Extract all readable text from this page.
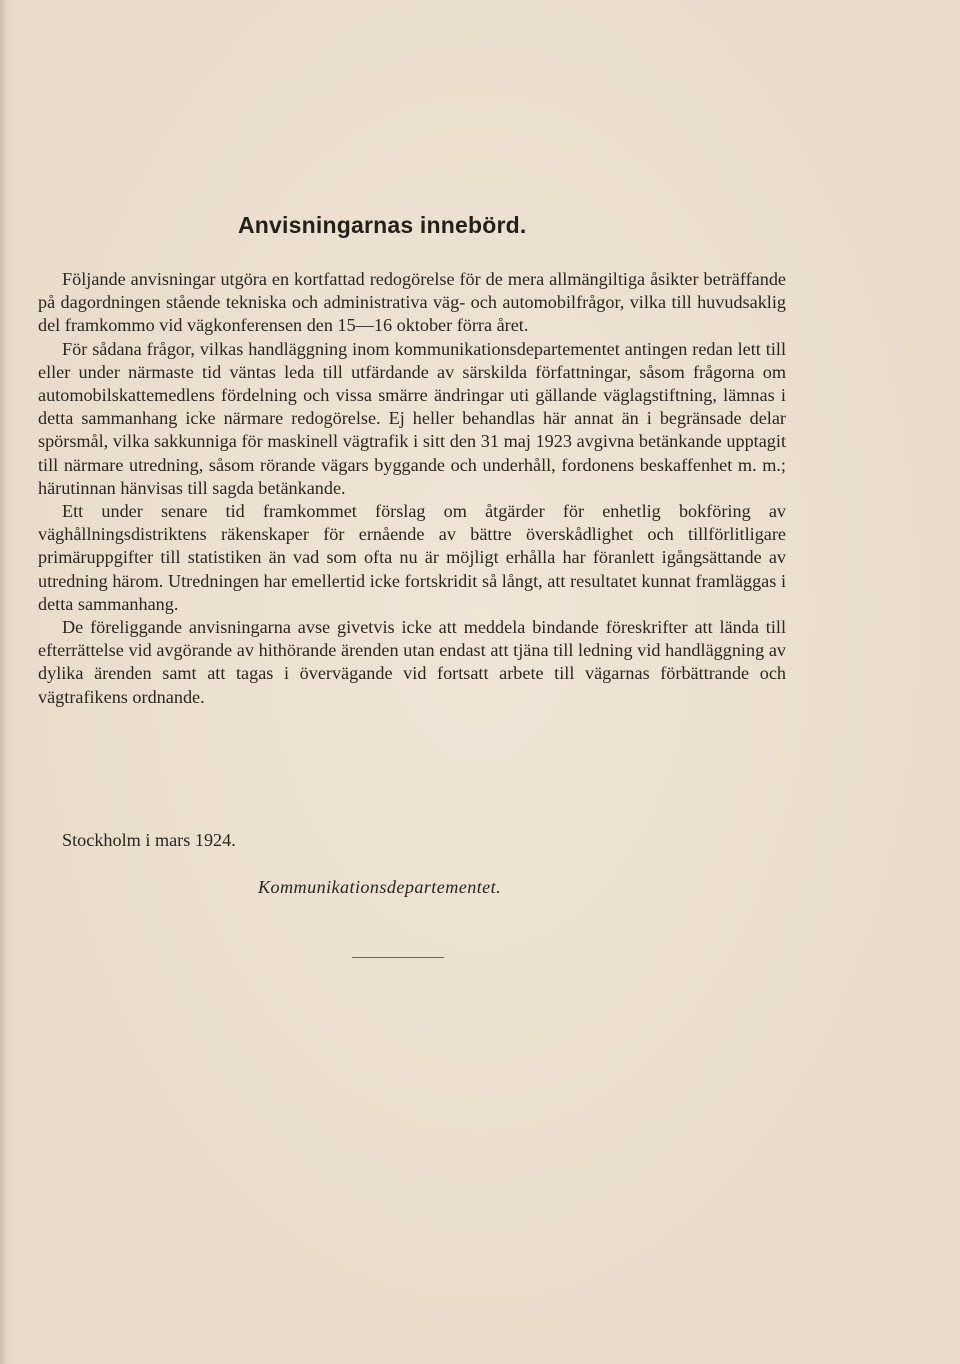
Anvisningarnas innebörd.

Följande anvisningar utgöra en kortfattad redogörelse för de mera allmängiltiga åsikter beträffande på dagordningen stående tekniska och administrativa väg- och automobilfrågor, vilka till huvudsaklig del framkommo vid vägkonferensen den 15—16 oktober förra året.

För sådana frågor, vilkas handläggning inom kommunikationsdepartementet antingen redan lett till eller under närmaste tid väntas leda till utfärdande av särskilda författningar, såsom frågorna om automobilskattemedlens fördelning och vissa smärre ändringar uti gällande väglagstiftning, lämnas i detta sammanhang icke närmare redogörelse. Ej heller behandlas här annat än i begränsade delar spörsmål, vilka sakkunniga för maskinell vägtrafik i sitt den 31 maj 1923 avgivna betänkande upptagit till närmare utredning, såsom rörande vägars byggande och underhåll, fordonens beskaffenhet m. m.; härutinnan hänvisas till sagda betänkande.

Ett under senare tid framkommet förslag om åtgärder för enhetlig bokföring av väghållningsdistriktens räkenskaper för ernående av bättre överskådlighet och tillförlitligare primäruppgifter till statistiken än vad som ofta nu är möjligt erhålla har föranlett igångsättande av utredning härom. Utredningen har emellertid icke fortskridit så långt, att resultatet kunnat framläggas i detta sammanhang.

De föreliggande anvisningarna avse givetvis icke att meddela bindande föreskrifter att lända till efterrättelse vid avgörande av hithörande ärenden utan endast att tjäna till ledning vid handläggning av dylika ärenden samt att tagas i övervägande vid fortsatt arbete till vägarnas förbättrande och vägtrafikens ordnande.

Stockholm i mars 1924.
Kommunikationsdepartementet.
